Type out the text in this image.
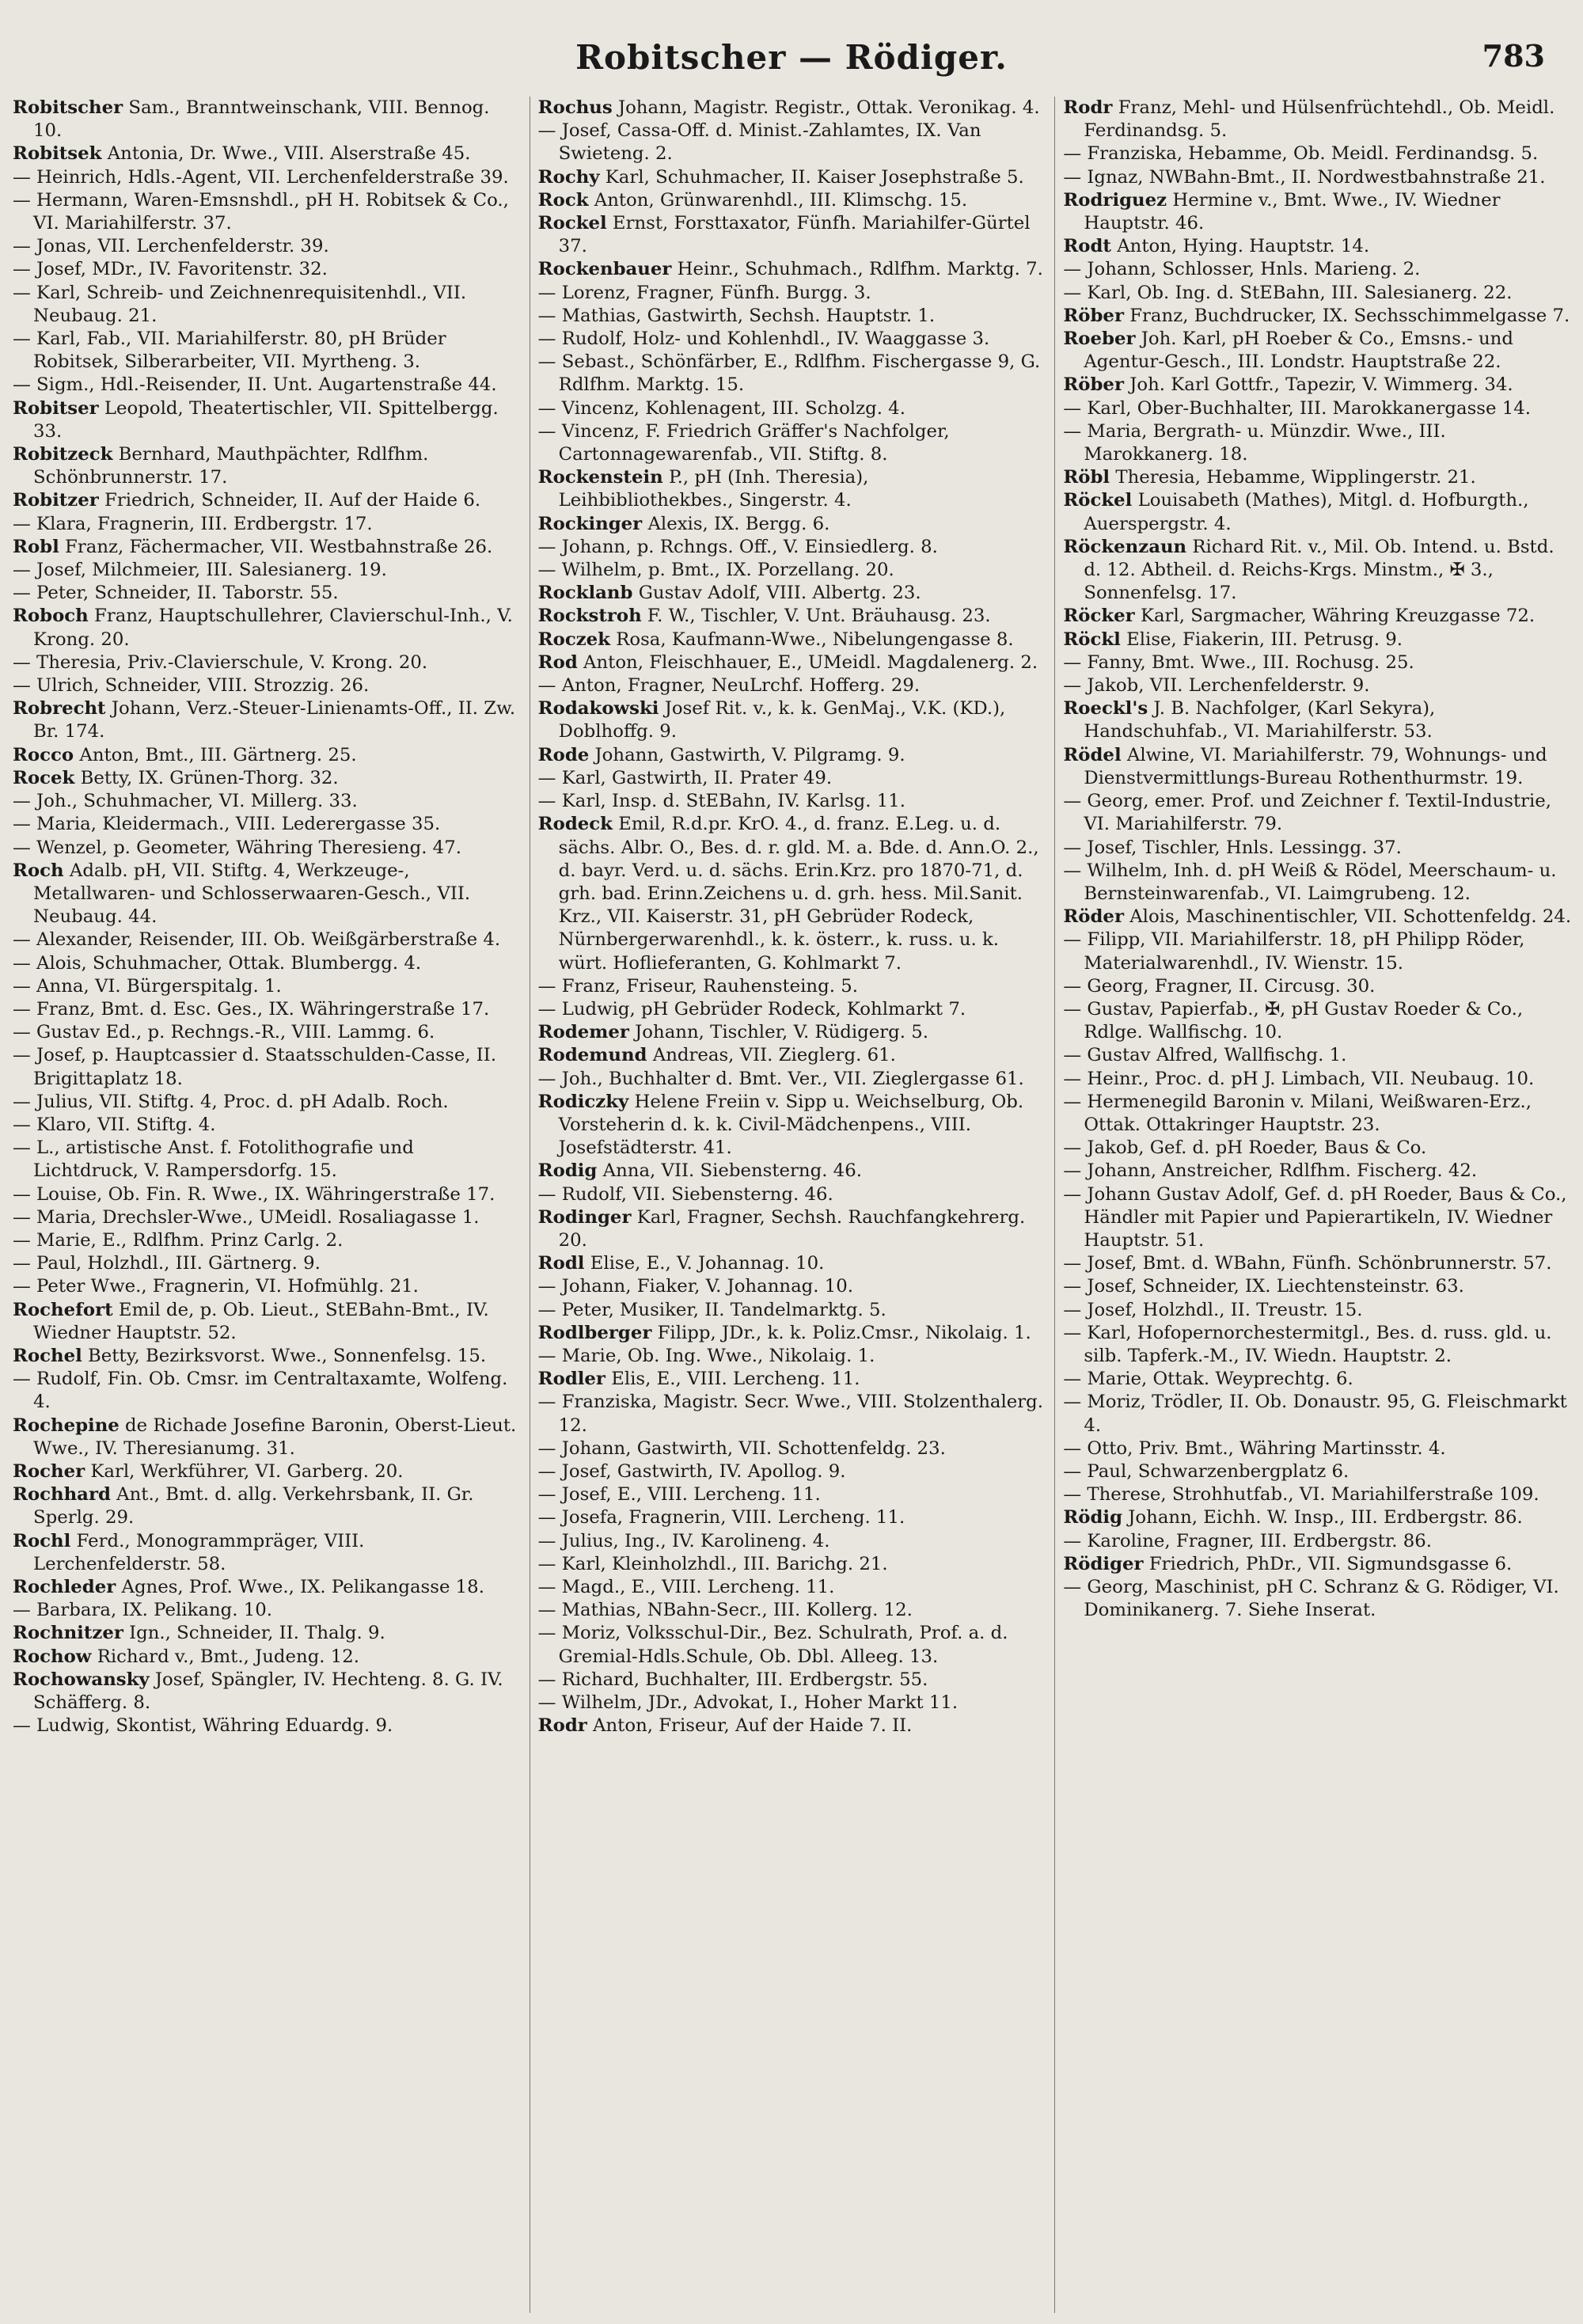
Robitscher — Rödiger.	783

Robitscher Sam., Branntweinschank, VIII. Bennog. 10.

Robitsek Antonia, Dr. Wwe., VIII. Alserstraße 45.

— Heinrich, Hdls.-Agent, VII. Lerchenfelderstraße 39.

— Hermann, Waren-Emsnshdl., pH H. Robitsek & Co., VI. Mariahilferstr. 37.

— Jonas, VII. Lerchenfelderstr. 39.

— Josef, MDr., IV. Favoritenstr. 32.

— Karl, Schreib- und Zeichnenrequisitenhdl., VII. Neubaug. 21.

— Karl, Fab., VII. Mariahilferstr. 80, pH Brüder Robitsek, Silberarbeiter, VII. Myrtheng. 3.

— Sigm., Hdl.-Reisender, II. Unt. Augartenstraße 44.

Robitser Leopold, Theatertischler, VII. Spittelbergg. 33.

Robitzeck Bernhard, Mauthpächter, Rdlfhm. Schönbrunnerstr. 17.

Robitzer Friedrich, Schneider, II. Auf der Haide 6.

— Klara, Fragnerin, III. Erdbergstr. 17.

Robl Franz, Fächermacher, VII. Westbahnstraße 26.

— Josef, Milchmeier, III. Salesianerg. 19.

— Peter, Schneider, II. Taborstr. 55.

Roboch Franz, Hauptschullehrer, Clavierschul-Inh., V. Krong. 20.

— Theresia, Priv.-Clavierschule, V. Krong. 20.

— Ulrich, Schneider, VIII. Strozzig. 26.

Robrecht Johann, Verz.-Steuer-Linienamts-Off., II. Zw. Br. 174.

Rocco Anton, Bmt., III. Gärtnerg. 25.

Rocek Betty, IX. Grünen-Thorg. 32.

— Joh., Schuhmacher, VI. Millerg. 33.

— Maria, Kleidermach., VIII. Lederergasse 35.

— Wenzel, p. Geometer, Währing Theresieng. 47.

Roch Adalb. pH, VII. Stiftg. 4, Werkzeuge-, Metallwaren- und Schlosserwaaren-Gesch., VII. Neubaug. 44.

— Alexander, Reisender, III. Ob. Weißgärberstraße 4.

— Alois, Schuhmacher, Ottak. Blumbergg. 4.

— Anna, VI. Bürgerspitalg. 1.

— Franz, Bmt. d. Esc. Ges., IX. Währingerstraße 17.

— Gustav Ed., p. Rechngs.-R., VIII. Lammg. 6.

— Josef, p. Hauptcassier d. Staatsschulden-Casse, II. Brigittaplatz 18.

— Julius, VII. Stiftg. 4, Proc. d. pH Adalb. Roch.

— Klaro, VII. Stiftg. 4.

— L., artistische Anst. f. Fotolithografie und Lichtdruck, V. Rampersdorfg. 15.

— Louise, Ob. Fin. R. Wwe., IX. Währingerstraße 17.

— Maria, Drechsler-Wwe., UMeidl. Rosaliagasse 1.

— Marie, E., Rdlfhm. Prinz Carlg. 2.

— Paul, Holzhdl., III. Gärtnerg. 9.

— Peter Wwe., Fragnerin, VI. Hofmühlg. 21.

Rochefort Emil de, p. Ob. Lieut., StEBahn-Bmt., IV. Wiedner Hauptstr. 52.

Rochel Betty, Bezirksvorst. Wwe., Sonnenfelsg. 15.

— Rudolf, Fin. Ob. Cmsr. im Centraltaxamte, Wolfeng. 4.

Rochepine de Richade Josefine Baronin, Oberst-Lieut. Wwe., IV. Theresianumg. 31.

Rocher Karl, Werkführer, VI. Garberg. 20.

Rochhard Ant., Bmt. d. allg. Verkehrsbank, II. Gr. Sperlg. 29.

Rochl Ferd., Monogrammpräger, VIII. Lerchenfelderstr. 58.

Rochleder Agnes, Prof. Wwe., IX. Pelikangasse 18.

— Barbara, IX. Pelikang. 10.

Rochnitzer Ign., Schneider, II. Thalg. 9.

Rochow Richard v., Bmt., Judeng. 12.

Rochowansky Josef, Spängler, IV. Hechteng. 8. G. IV. Schäfferg. 8.

— Ludwig, Skontist, Währing Eduardg. 9.

Rochus Johann, Magistr. Registr., Ottak. Veronikag. 4.

— Josef, Cassa-Off. d. Minist.-Zahlamtes, IX. Van Swieteng. 2.

Rochy Karl, Schuhmacher, II. Kaiser Josephstraße 5.

Rock Anton, Grünwarenhdl., III. Klimschg. 15.

Rockel Ernst, Forsttaxator, Fünfh. Mariahilfer-Gürtel 37.

Rockenbauer Heinr., Schuhmach., Rdlfhm. Marktg. 7.

— Lorenz, Fragner, Fünfh. Burgg. 3.

— Mathias, Gastwirth, Sechsh. Hauptstr. 1.

— Rudolf, Holz- und Kohlenhdl., IV. Waaggasse 3.

— Sebast., Schönfärber, E., Rdlfhm. Fischergasse 9, G. Rdlfhm. Marktg. 15.

— Vincenz, Kohlenagent, III. Scholzg. 4.

— Vincenz, F. Friedrich Gräffer's Nachfolger, Cartonnagewarenfab., VII. Stiftg. 8.

Rockenstein P., pH (Inh. Theresia), Leihbibliothekbes., Singerstr. 4.

Rockinger Alexis, IX. Bergg. 6.

— Johann, p. Rchngs. Off., V. Einsiedlerg. 8.

— Wilhelm, p. Bmt., IX. Porzellang. 20.

Rocklanb Gustav Adolf, VIII. Albertg. 23.

Rockstroh F. W., Tischler, V. Unt. Bräuhausg. 23.

Roczek Rosa, Kaufmann-Wwe., Nibelungengasse 8.

Rod Anton, Fleischhauer, E., UMeidl. Magdalenerg. 2.

— Anton, Fragner, NeuLrchf. Hofferg. 29.

Rodakowski Josef Rit. v., k. k. GenMaj., V.K. (KD.), Doblhoffg. 9.

Rode Johann, Gastwirth, V. Pilgramg. 9.

— Karl, Gastwirth, II. Prater 49.

— Karl, Insp. d. StEBahn, IV. Karlsg. 11.

Rodeck Emil, R.d.pr. KrO. 4., d. franz. E.Leg. u. d. sächs. Albr. O., Bes. d. r. gld. M. a. Bde. d. Ann.O. 2., d. bayr. Verd. u. d. sächs. Erin.Krz. pro 1870-71, d. grh. bad. Erinn.Zeichens u. d. grh. hess. Mil.Sanit. Krz., VII. Kaiserstr. 31, pH Gebrüder Rodeck, Nürnbergerwarenhdl., k. k. österr., k. russ. u. k. würt. Hoflieferanten, G. Kohlmarkt 7.

— Franz, Friseur, Rauhensteing. 5.

— Ludwig, pH Gebrüder Rodeck, Kohlmarkt 7.

Rodemer Johann, Tischler, V. Rüdigerg. 5.

Rodemund Andreas, VII. Zieglerg. 61.

— Joh., Buchhalter d. Bmt. Ver., VII. Zieglergasse 61.

Rodiczky Helene Freiin v. Sipp u. Weichselburg, Ob. Vorsteherin d. k. k. Civil-Mädchenpens., VIII. Josefstädterstr. 41.

Rodig Anna, VII. Siebensterng. 46.

— Rudolf, VII. Siebensterng. 46.

Rodinger Karl, Fragner, Sechsh. Rauchfangkehrerg. 20.

Rodl Elise, E., V. Johannag. 10.

— Johann, Fiaker, V. Johannag. 10.

— Peter, Musiker, II. Tandelmarktg. 5.

Rodlberger Filipp, JDr., k. k. Poliz.Cmsr., Nikolaig. 1.

— Marie, Ob. Ing. Wwe., Nikolaig. 1.

Rodler Elis, E., VIII. Lercheng. 11.

— Franziska, Magistr. Secr. Wwe., VIII. Stolzenthalerg. 12.

— Johann, Gastwirth, VII. Schottenfeldg. 23.

— Josef, Gastwirth, IV. Apollog. 9.

— Josef, E., VIII. Lercheng. 11.

— Josefa, Fragnerin, VIII. Lercheng. 11.

— Julius, Ing., IV. Karolineng. 4.

— Karl, Kleinholzhdl., III. Barichg. 21.

— Magd., E., VIII. Lercheng. 11.

— Mathias, NBahn-Secr., III. Kollerg. 12.

— Moriz, Volksschul-Dir., Bez. Schulrath, Prof. a. d. Gremial-Hdls.Schule, Ob. Dbl. Alleeg. 13.

— Richard, Buchhalter, III. Erdbergstr. 55.

— Wilhelm, JDr., Advokat, I., Hoher Markt 11.

Rodr Anton, Friseur, Auf der Haide 7. II.

Rodr Franz, Mehl- und Hülsenfrüchtehdl., Ob. Meidl. Ferdinandsg. 5.

— Franziska, Hebamme, Ob. Meidl. Ferdinandsg. 5.

— Ignaz, NWBahn-Bmt., II. Nordwestbahnstraße 21.

Rodriguez Hermine v., Bmt. Wwe., IV. Wiedner Hauptstr. 46.

Rodt Anton, Hying. Hauptstr. 14.

— Johann, Schlosser, Hnls. Marieng. 2.

— Karl, Ob. Ing. d. StEBahn, III. Salesianerg. 22.

Röber Franz, Buchdrucker, IX. Sechsschimmelgasse 7.

Roeber Joh. Karl, pH Roeber & Co., Emsns.- und Agentur-Gesch., III. Londstr. Hauptstraße 22.

Röber Joh. Karl Gottfr., Tapezir, V. Wimmerg. 34.

— Karl, Ober-Buchhalter, III. Marokkanergasse 14.

— Maria, Bergrath- u. Münzdir. Wwe., III. Marokkanerg. 18.

Röbl Theresia, Hebamme, Wipplingerstr. 21.

Röckel Louisabeth (Mathes), Mitgl. d. Hofburgth., Auerspergstr. 4.

Röckenzaun Richard Rit. v., Mil. Ob. Intend. u. Bstd. d. 12. Abtheil. d. Reichs-Krgs. Minstm., ✠ 3., Sonnenfelsg. 17.

Röcker Karl, Sargmacher, Währing Kreuzgasse 72.

Röckl Elise, Fiakerin, III. Petrusg. 9.

— Fanny, Bmt. Wwe., III. Rochusg. 25.

— Jakob, VII. Lerchenfelderstr. 9.

Roeckl's J. B. Nachfolger, (Karl Sekyra), Handschuhfab., VI. Mariahilferstr. 53.

Rödel Alwine, VI. Mariahilferstr. 79, Wohnungs- und Dienstvermittlungs-Bureau Rothenthurmstr. 19.

— Georg, emer. Prof. und Zeichner f. Textil-Industrie, VI. Mariahilferstr. 79.

— Josef, Tischler, Hnls. Lessingg. 37.

— Wilhelm, Inh. d. pH Weiß & Rödel, Meerschaum- u. Bernsteinwarenfab., VI. Laimgrubeng. 12.

Röder Alois, Maschinentischler, VII. Schottenfeldg. 24.

— Filipp, VII. Mariahilferstr. 18, pH Philipp Röder, Materialwarenhdl., IV. Wienstr. 15.

— Georg, Fragner, II. Circusg. 30.

— Gustav, Papierfab., ✠, pH Gustav Roeder & Co., Rdlge. Wallfischg. 10.

— Gustav Alfred, Wallfischg. 1.

— Heinr., Proc. d. pH J. Limbach, VII. Neubaug. 10.

— Hermenegild Baronin v. Milani, Weißwaren-Erz., Ottak. Ottakringer Hauptstr. 23.

— Jakob, Gef. d. pH Roeder, Baus & Co.

— Johann, Anstreicher, Rdlfhm. Fischerg. 42.

— Johann Gustav Adolf, Gef. d. pH Roeder, Baus & Co., Händler mit Papier und Papierartikeln, IV. Wiedner Hauptstr. 51.

— Josef, Bmt. d. WBahn, Fünfh. Schönbrunnerstr. 57.

— Josef, Schneider, IX. Liechtensteinstr. 63.

— Josef, Holzhdl., II. Treustr. 15.

— Karl, Hofopernorchestermitgl., Bes. d. russ. gld. u. silb. Tapferk.-M., IV. Wiedn. Hauptstr. 2.

— Marie, Ottak. Weyprechtg. 6.

— Moriz, Trödler, II. Ob. Donaustr. 95, G. Fleischmarkt 4.

— Otto, Priv. Bmt., Währing Martinsstr. 4.

— Paul, Schwarzenbergplatz 6.

— Therese, Strohhutfab., VI. Mariahilferstraße 109.

Rödig Johann, Eichh. W. Insp., III. Erdbergstr. 86.

— Karoline, Fragner, III. Erdbergstr. 86.

Rödiger Friedrich, PhDr., VII. Sigmundsgasse 6.

— Georg, Maschinist, pH C. Schranz & G. Rödiger, VI. Dominikanerg. 7. Siehe Inserat.
